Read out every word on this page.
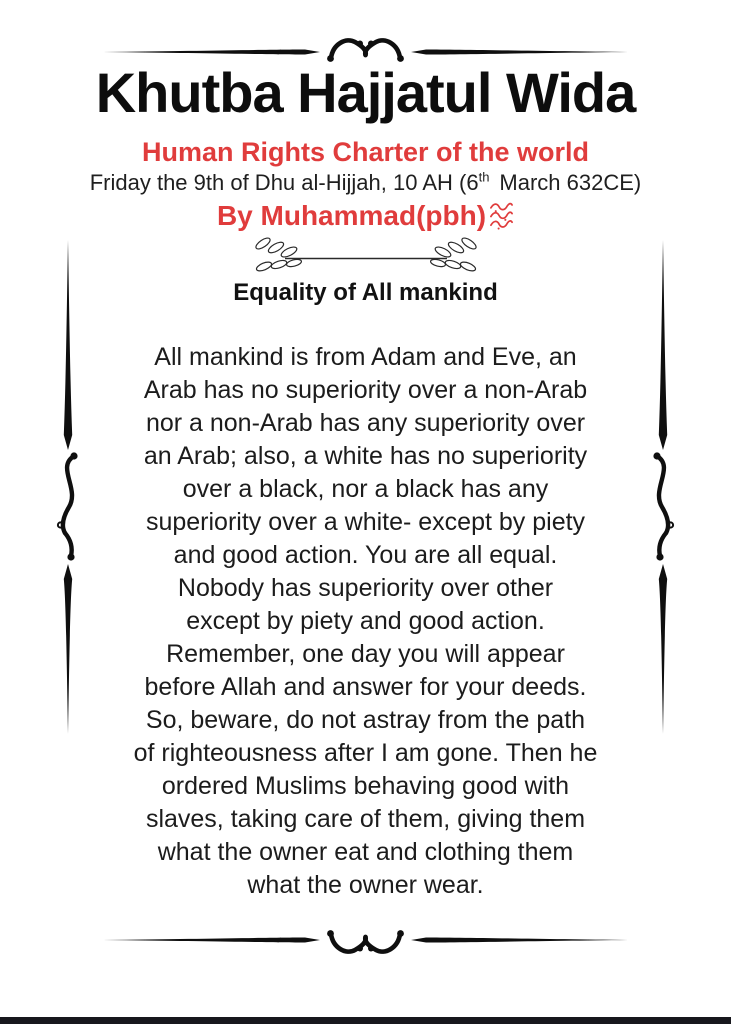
Khutba Hajjatul Wida
Human Rights Charter of the world
Friday the 9th of Dhu al-Hijjah, 10 AH (6th March 632CE)
By Muhammad(pbh)
Equality of All mankind
All mankind is from Adam and Eve, an
Arab has no superiority over a non-Arab
nor a non-Arab has any superiority over
an Arab; also, a white has no superiority
over a black, nor a black has any
superiority over a white- except by piety
and good action. You are all equal.
Nobody has superiority over other
except by piety and good action.
Remember, one day you will appear
before Allah and answer for your deeds.
So, beware, do not astray from the path
of righteousness after I am gone. Then he
ordered Muslims behaving good with
slaves, taking care of them, giving them
what the owner eat and clothing them
what the owner wear.
